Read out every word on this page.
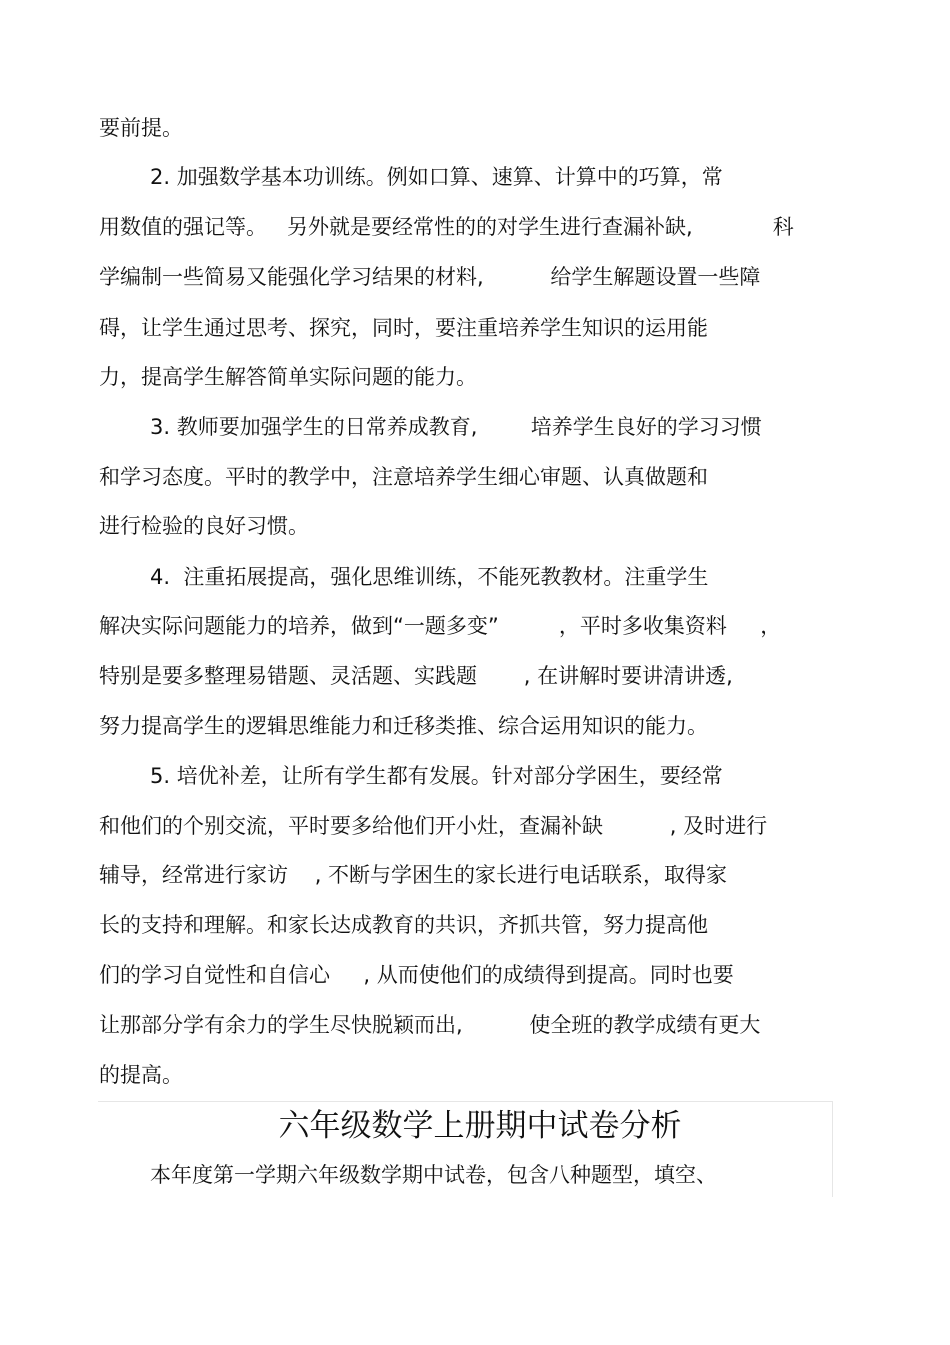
要前提。
2. 加强数学基本功训练。例如口算、速算、计算中的巧算，常
用数值的强记等。   另外就是要经常性的的对学生进行查漏补缺,            科
学编制一些简易又能强化学习结果的材料,          给学生解题设置一些障
碍，让学生通过思考、探究，同时，要注重培养学生知识的运用能
力，提高学生解答简单实际问题的能力。
3. 教师要加强学生的日常养成教育,        培养学生良好的学习习惯
和学习态度。平时的教学中，注意培养学生细心审题、认真做题和
进行检验的良好习惯。
4.  注重拓展提高，强化思维训练，不能死教教材。注重学生
解决实际问题能力的培养，做到“一题多变”         ，平时多收集资料     ，
特别是要多整理易错题、灵活题、实践题       , 在讲解时要讲清讲透,
努力提高学生的逻辑思维能力和迁移类推、综合运用知识的能力。
5. 培优补差，让所有学生都有发展。针对部分学困生，要经常
和他们的个别交流，平时要多给他们开小灶，查漏补缺          , 及时进行
辅导，经常进行家访    , 不断与学困生的家长进行电话联系，取得家
长的支持和理解。和家长达成教育的共识，齐抓共管，努力提高他
们的学习自觉性和自信心     , 从而使他们的成绩得到提高。同时也要
让那部分学有余力的学生尽快脱颖而出,          使全班的教学成绩有更大
的提高。
六年级数学上册期中试卷分析
本年度第一学期六年级数学期中试卷，包含八种题型，填空、
